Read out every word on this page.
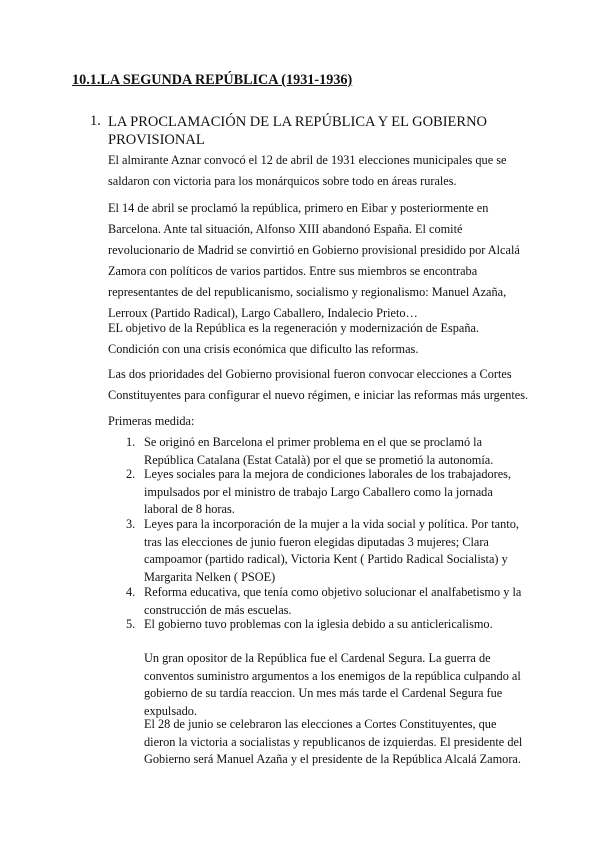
10.1.LA SEGUNDA REPÚBLICA (1931-1936)
1. LA PROCLAMACIÓN DE LA REPÚBLICA Y EL GOBIERNO PROVISIONAL

El almirante Aznar convocó el 12 de abril de 1931 elecciones municipales que se saldaron con victoria para los monárquicos sobre todo en áreas rurales.

El 14 de abril se proclamó la república, primero en Eibar y posteriormente en Barcelona. Ante tal situación, Alfonso XIII abandonó España. El comité revolucionario de Madrid se convirtió en Gobierno provisional presidido por Alcalá Zamora con políticos de varios partidos. Entre sus miembros se encontraba representantes de del republicanismo, socialismo y regionalismo: Manuel Azaña, Lerroux (Partido Radical), Largo Caballero, Indalecio Prieto…

EL objetivo de la República es la regeneración y modernización de España. Condición con una crisis económica que dificulto las reformas.

Las dos prioridades del Gobierno provisional fueron convocar elecciones a Cortes Constituyentes para configurar el nuevo régimen, e iniciar las reformas más urgentes.

Primeras medida:

1. Se originó en Barcelona el primer problema en el que se proclamó la República Catalana (Estat Català) por el que se prometió la autonomía.

2. Leyes sociales para la mejora de condiciones laborales de los trabajadores, impulsados por el ministro de trabajo Largo Caballero como la jornada laboral de 8 horas.

3. Leyes para la incorporación de la mujer a la vida social y política. Por tanto, tras las elecciones de junio fueron elegidas diputadas 3 mujeres; Clara campoamor (partido radical), Victoria Kent ( Partido Radical Socialista) y Margarita Nelken ( PSOE)

4. Reforma educativa, que tenía como objetivo solucionar el analfabetismo y la construcción de más escuelas.

5. El gobierno tuvo problemas con la iglesia debido a su anticlericalismo.

Un gran opositor de la República fue el Cardenal Segura. La guerra de conventos suministro argumentos a los enemigos de la república culpando al gobierno de su tardía reaccion. Un mes más tarde el Cardenal Segura fue expulsado.

El 28 de junio se celebraron las elecciones a Cortes Constituyentes, que dieron la victoria a socialistas y republicanos de izquierdas. El presidente del Gobierno será Manuel Azaña y el presidente de la República Alcalá Zamora.
